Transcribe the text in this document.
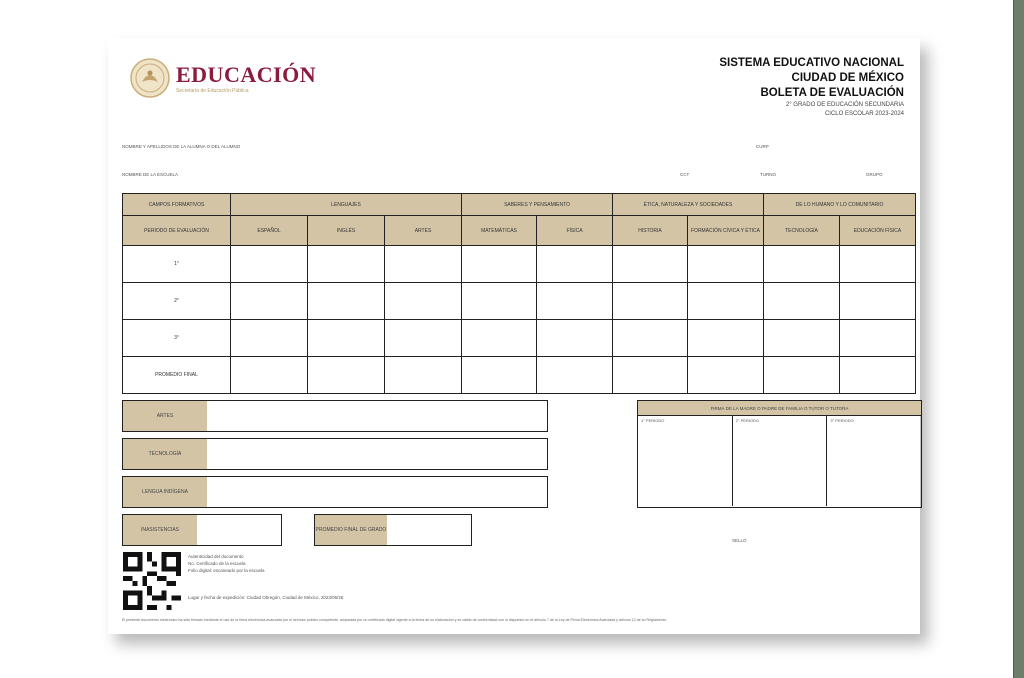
EDUCACIÓN
Secretaría de Educación Pública
SISTEMA EDUCATIVO NACIONAL
CIUDAD DE MÉXICO
BOLETA DE EVALUACIÓN
2° GRADO DE EDUCACIÓN SECUNDARIA
CICLO ESCOLAR 2023-2024
NOMBRE Y APELLIDOS DE LA ALUMNA O DEL ALUMNO	CURP
NOMBRE DE LA ESCUELA	CCT	TURNO	GRUPO
CAMPOS FORMATIVOS	LENGUAJES			SABERES Y PENSAMIENTO		ÉTICA, NATURALEZA Y SOCIEDADES		DE LO HUMANO Y LO COMUNITARIO	
PERIODO DE EVALUACIÓN	ESPAÑOL	INGLÉS	ARTES	MATEMÁTICAS	FÍSICA	HISTORIA	FORMACIÓN CÍVICA Y ÉTICA	TECNOLOGÍA	EDUCACIÓN FÍSICA
1°									
2°									
3°									
PROMEDIO FINAL									
ARTES
TECNOLOGÍA
LENGUA INDÍGENA
INASISTENCIAS	PROMEDIO FINAL DE GRADO
FIRMA DE LA MADRE O PADRE DE FAMILIA O TUTOR O TUTORA
1° PERIODO	2° PERIODO	3° PERIODO
SELLO
Autenticidad del documento
No. Certificado de la escuela
Folio digital: escaneado por la escuela
Lugar y fecha de expedición: Ciudad Obregón, Ciudad de México, 2023/06/26
El presente documento electrónico ha sido firmado mediante el uso de la firma electrónica avanzada por el servidor público competente, amparada por un certificado digital vigente a la fecha de su elaboración y es válido de conformidad con lo dispuesto en el artículo 7 de la Ley de Firma Electrónica Avanzada y artículo 12 de su Reglamento.
